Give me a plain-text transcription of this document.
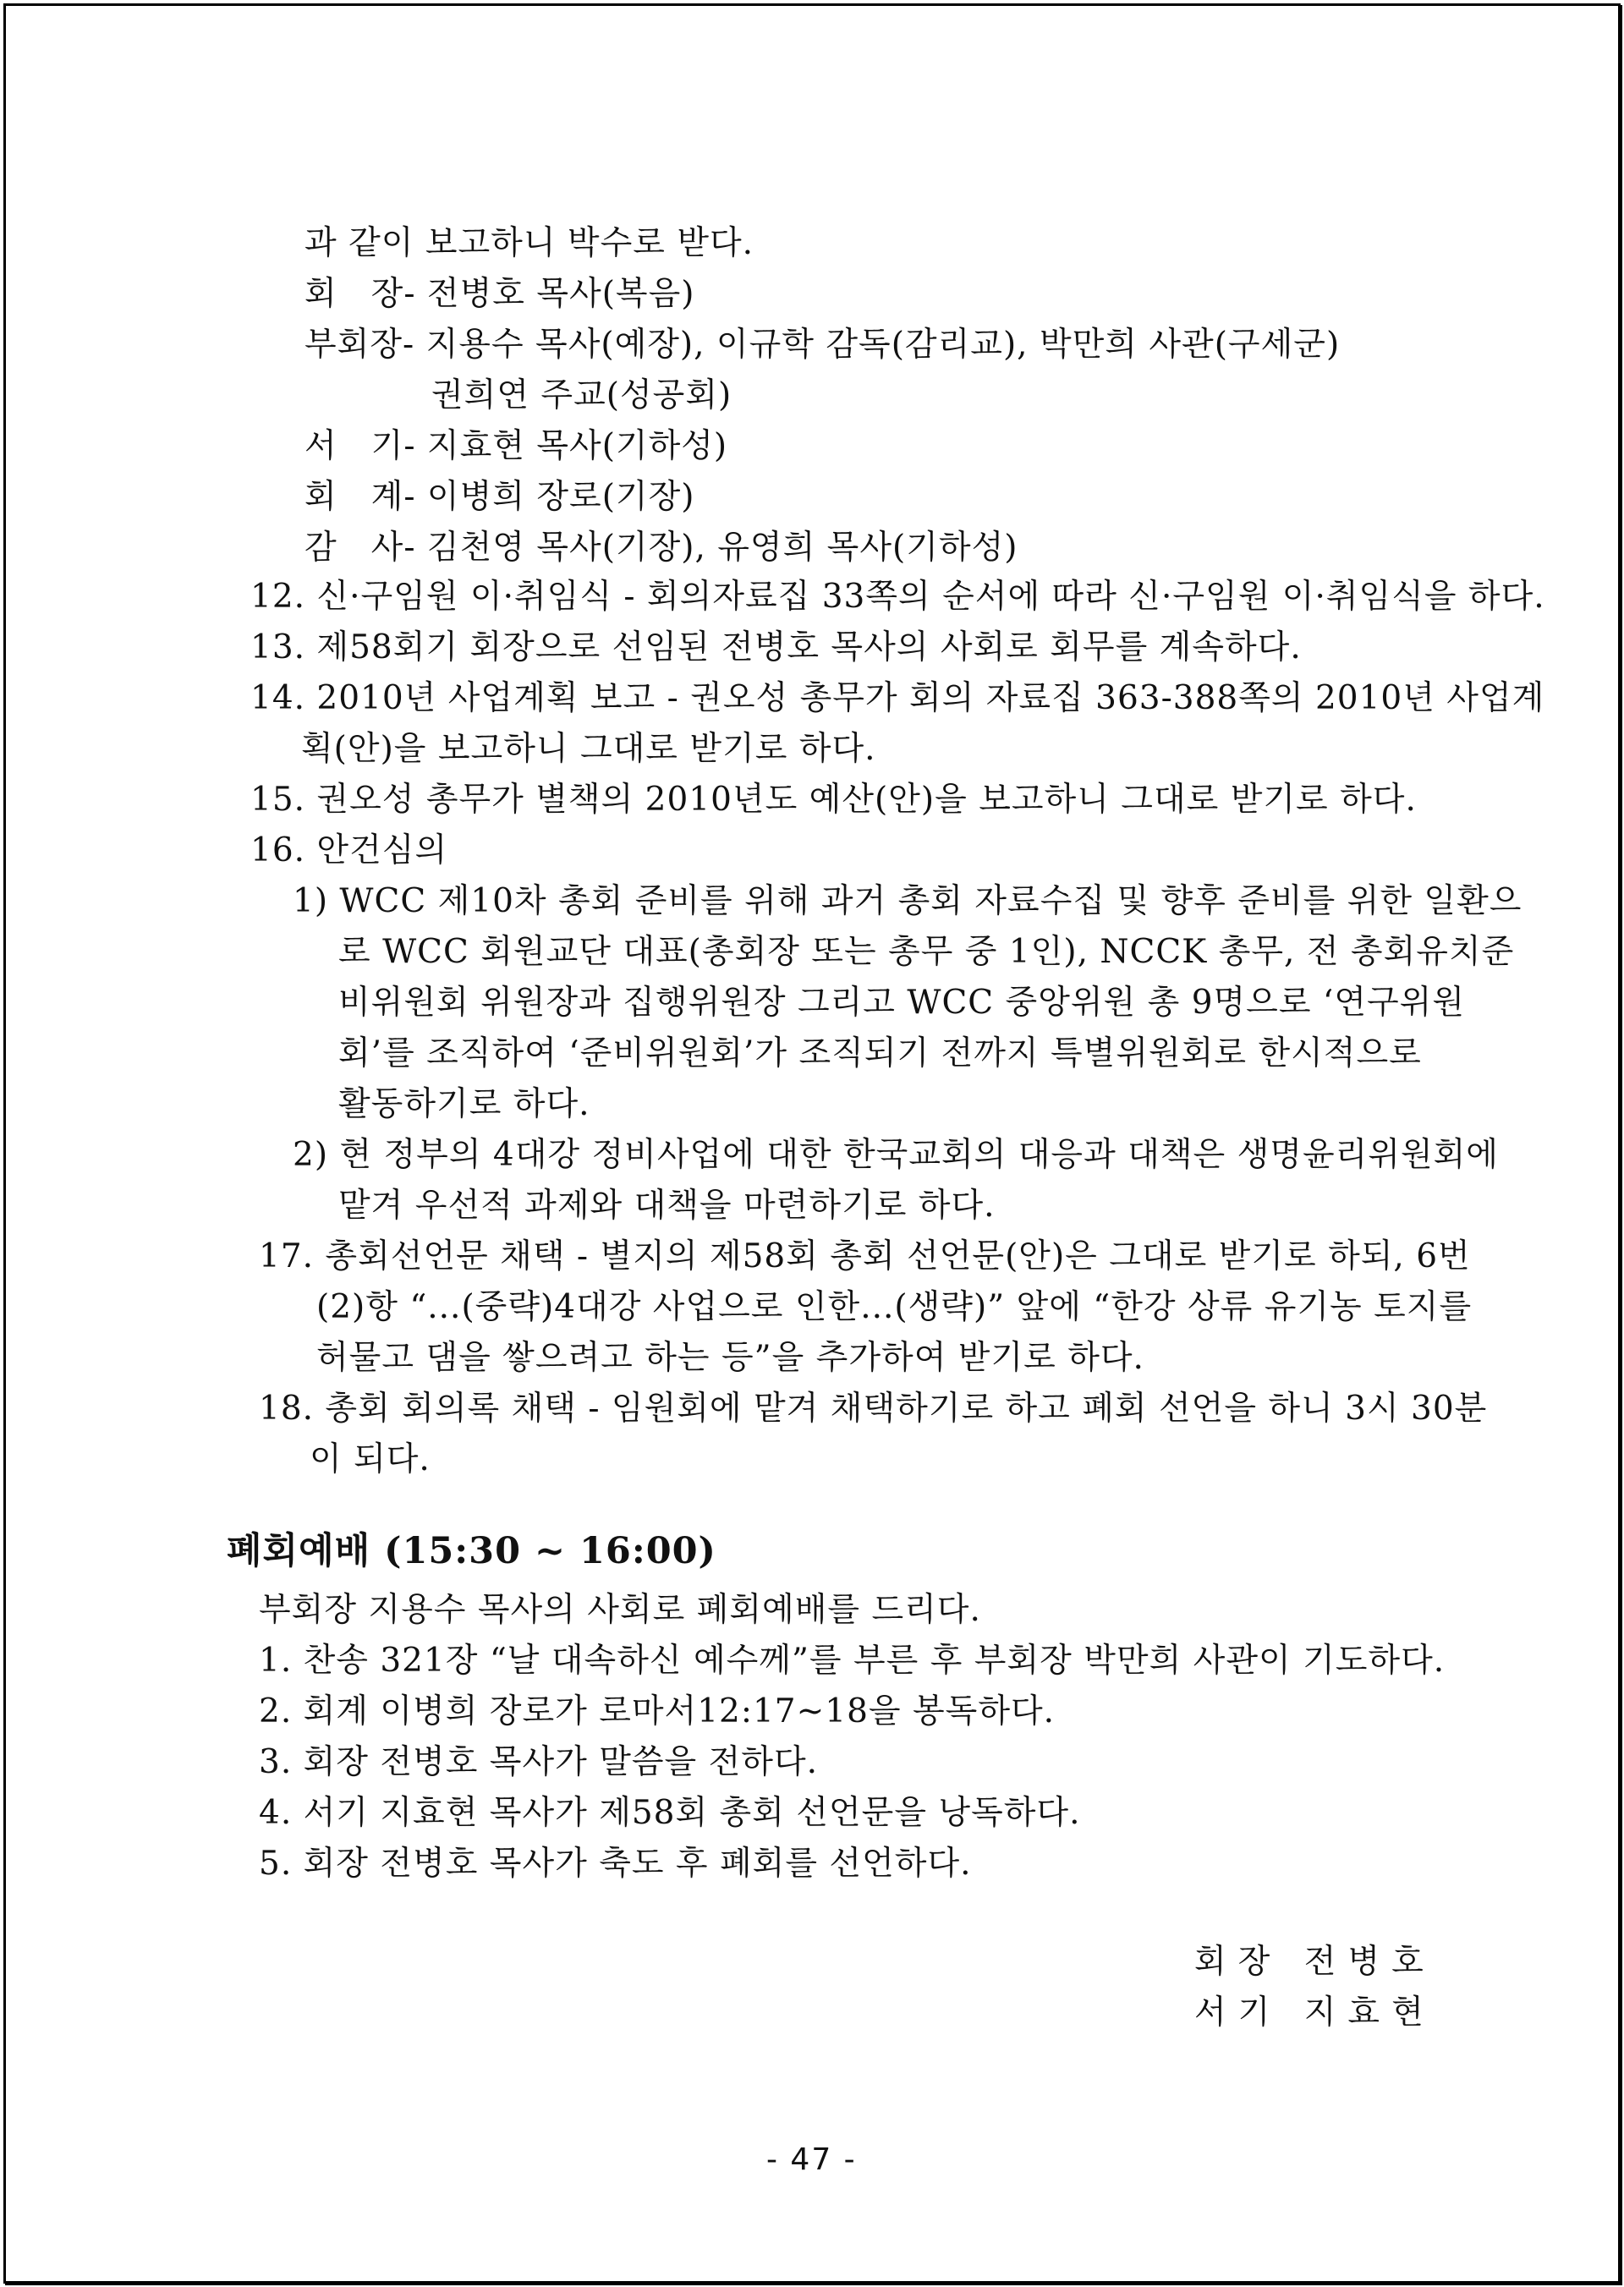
과 같이 보고하니 박수로 받다.
회　장- 전병호 목사(복음)
부회장- 지용수 목사(예장), 이규학 감독(감리교), 박만희 사관(구세군)
권희연 주교(성공회)
서　기- 지효현 목사(기하성)
회　계- 이병희 장로(기장)
감　사- 김천영 목사(기장), 유영희 목사(기하성)
12. 신·구임원 이·취임식 - 회의자료집 33쪽의 순서에 따라 신·구임원 이·취임식을 하다.
13. 제58회기 회장으로 선임된 전병호 목사의 사회로 회무를 계속하다.
14. 2010년 사업계획 보고 - 권오성 총무가 회의 자료집 363-388쪽의 2010년 사업계
획(안)을 보고하니 그대로 받기로 하다.
15. 권오성 총무가 별책의 2010년도 예산(안)을 보고하니 그대로 받기로 하다.
16. 안건심의
1) WCC 제10차 총회 준비를 위해 과거 총회 자료수집 및 향후 준비를 위한 일환으
로 WCC 회원교단 대표(총회장 또는 총무 중 1인), NCCK 총무, 전 총회유치준
비위원회 위원장과 집행위원장 그리고 WCC 중앙위원 총 9명으로 ‘연구위원
회’를 조직하여 ‘준비위원회’가 조직되기 전까지 특별위원회로 한시적으로
활동하기로 하다.
2) 현 정부의 4대강 정비사업에 대한 한국교회의 대응과 대책은 생명윤리위원회에
맡겨 우선적 과제와 대책을 마련하기로 하다.
17. 총회선언문 채택 - 별지의 제58회 총회 선언문(안)은 그대로 받기로 하되, 6번
(2)항 “...(중략)4대강 사업으로 인한...(생략)” 앞에 “한강 상류 유기농 토지를
허물고 댐을 쌓으려고 하는 등”을 추가하여 받기로 하다.
18. 총회 회의록 채택 - 임원회에 맡겨 채택하기로 하고 폐회 선언을 하니 3시 30분
이 되다.
폐회예배 (15:30 ~ 16:00)
부회장 지용수 목사의 사회로 폐회예배를 드리다.
1. 찬송 321장 “날 대속하신 예수께”를 부른 후 부회장 박만희 사관이 기도하다.
2. 회계 이병희 장로가 로마서12:17~18을 봉독하다.
3. 회장 전병호 목사가 말씀을 전하다.
4. 서기 지효현 목사가 제58회 총회 선언문을 낭독하다.
5. 회장 전병호 목사가 축도 후 폐회를 선언하다.
회장 전병호
서기 지효현
- 47 -
